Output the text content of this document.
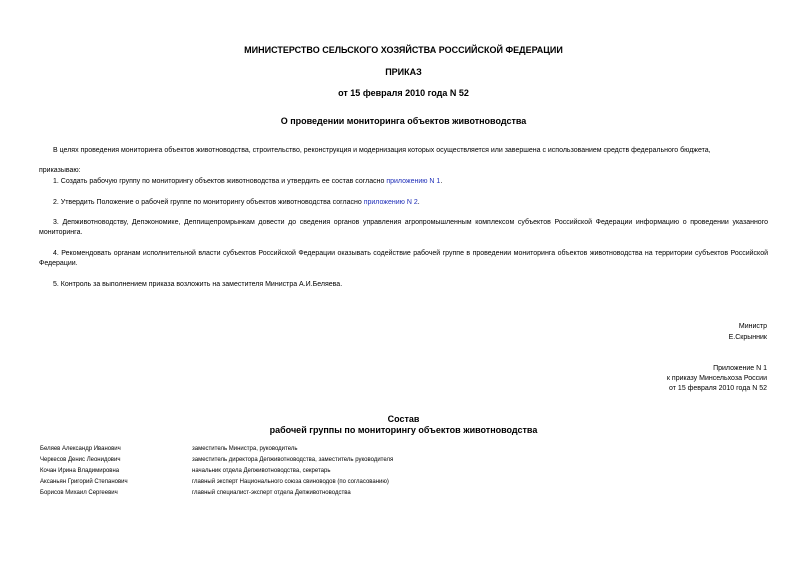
МИНИСТЕРСТВО СЕЛЬСКОГО ХОЗЯЙСТВА РОССИЙСКОЙ ФЕДЕРАЦИИ
ПРИКАЗ
от 15 февраля 2010 года N 52
О проведении мониторинга объектов животноводства
В целях проведения мониторинга объектов животноводства, строительство, реконструкция и модернизация которых осуществляется или завершена с использованием средств федерального бюджета,
приказываю:
1. Создать рабочую группу по мониторингу объектов животноводства и утвердить ее состав согласно приложению N 1.
2. Утвердить Положение о рабочей группе по мониторингу объектов животноводства согласно приложению N 2.
3. Депживотноводству, Депэкономике, Деппищепромрынкам довести до сведения органов управления агропромышленным комплексом субъектов Российской Федерации информацию о проведении указанного мониторинга.
4. Рекомендовать органам исполнительной власти субъектов Российской Федерации оказывать содействие рабочей группе в проведении мониторинга объектов животноводства на территории субъектов Российской Федерации.
5. Контроль за выполнением приказа возложить на заместителя Министра А.И.Беляева.
Министр
Е.Скрынник
Приложение N 1
к приказу Минсельхоза России
от 15 февраля 2010 года N 52
Состав
рабочей группы по мониторингу объектов животноводства
Беляев Александр Иванович	заместитель Министра, руководитель
Черкесов Денис Леонидович	заместитель директора Депживотноводства, заместитель руководителя
Кочан Ирина Владимировна	начальник отдела Депживотноводства, секретарь
Аксаньян Григорий Степанович	главный эксперт Национального союза свиноводов (по согласованию)
Борисов Михаил Сергеевич	главный специалист-эксперт отдела Депживотноводства
